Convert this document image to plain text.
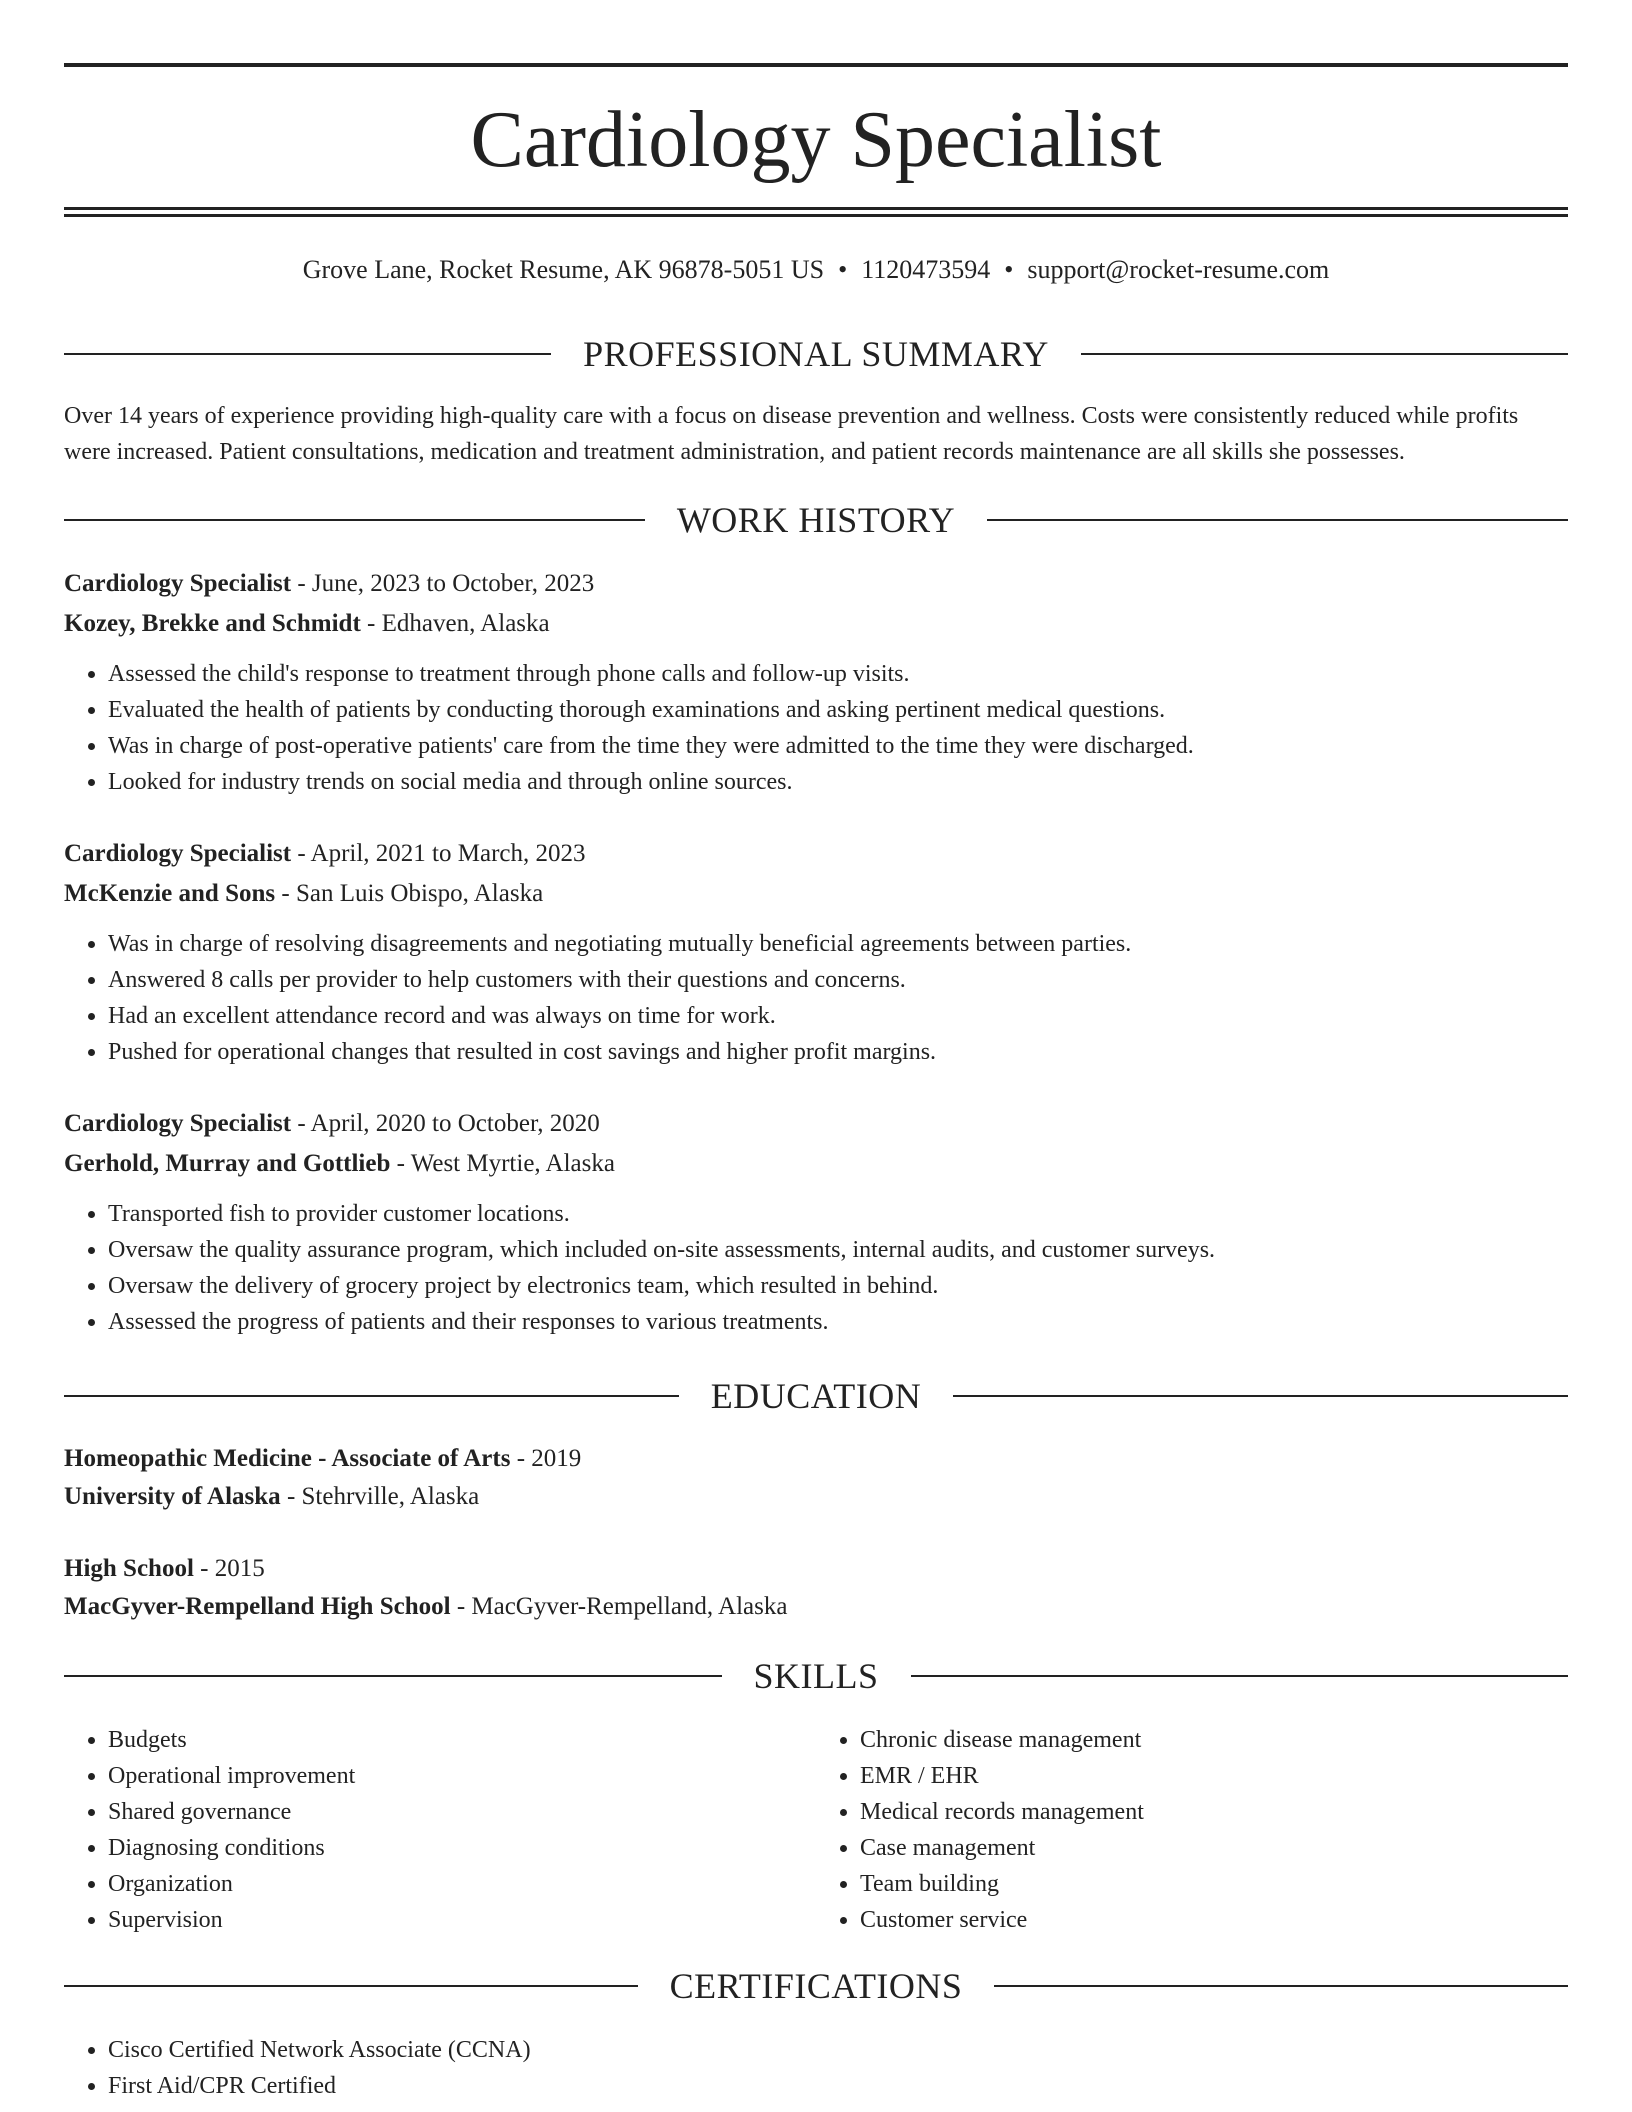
Cardiology Specialist
Grove Lane, Rocket Resume, AK 96878-5051 US • 1120473594 • support@rocket-resume.com
PROFESSIONAL SUMMARY
Over 14 years of experience providing high-quality care with a focus on disease prevention and wellness. Costs were consistently reduced while profits were increased. Patient consultations, medication and treatment administration, and patient records maintenance are all skills she possesses.
WORK HISTORY
Cardiology Specialist - June, 2023 to October, 2023
Kozey, Brekke and Schmidt - Edhaven, Alaska
• Assessed the child's response to treatment through phone calls and follow-up visits.
• Evaluated the health of patients by conducting thorough examinations and asking pertinent medical questions.
• Was in charge of post-operative patients' care from the time they were admitted to the time they were discharged.
• Looked for industry trends on social media and through online sources.
Cardiology Specialist - April, 2021 to March, 2023
McKenzie and Sons - San Luis Obispo, Alaska
• Was in charge of resolving disagreements and negotiating mutually beneficial agreements between parties.
• Answered 8 calls per provider to help customers with their questions and concerns.
• Had an excellent attendance record and was always on time for work.
• Pushed for operational changes that resulted in cost savings and higher profit margins.
Cardiology Specialist - April, 2020 to October, 2020
Gerhold, Murray and Gottlieb - West Myrtie, Alaska
• Transported fish to provider customer locations.
• Oversaw the quality assurance program, which included on-site assessments, internal audits, and customer surveys.
• Oversaw the delivery of grocery project by electronics team, which resulted in behind.
• Assessed the progress of patients and their responses to various treatments.
EDUCATION
Homeopathic Medicine - Associate of Arts - 2019
University of Alaska - Stehrville, Alaska
High School - 2015
MacGyver-Rempelland High School - MacGyver-Rempelland, Alaska
SKILLS
• Budgets
• Operational improvement
• Shared governance
• Diagnosing conditions
• Organization
• Supervision
• Chronic disease management
• EMR / EHR
• Medical records management
• Case management
• Team building
• Customer service
CERTIFICATIONS
• Cisco Certified Network Associate (CCNA)
• First Aid/CPR Certified
